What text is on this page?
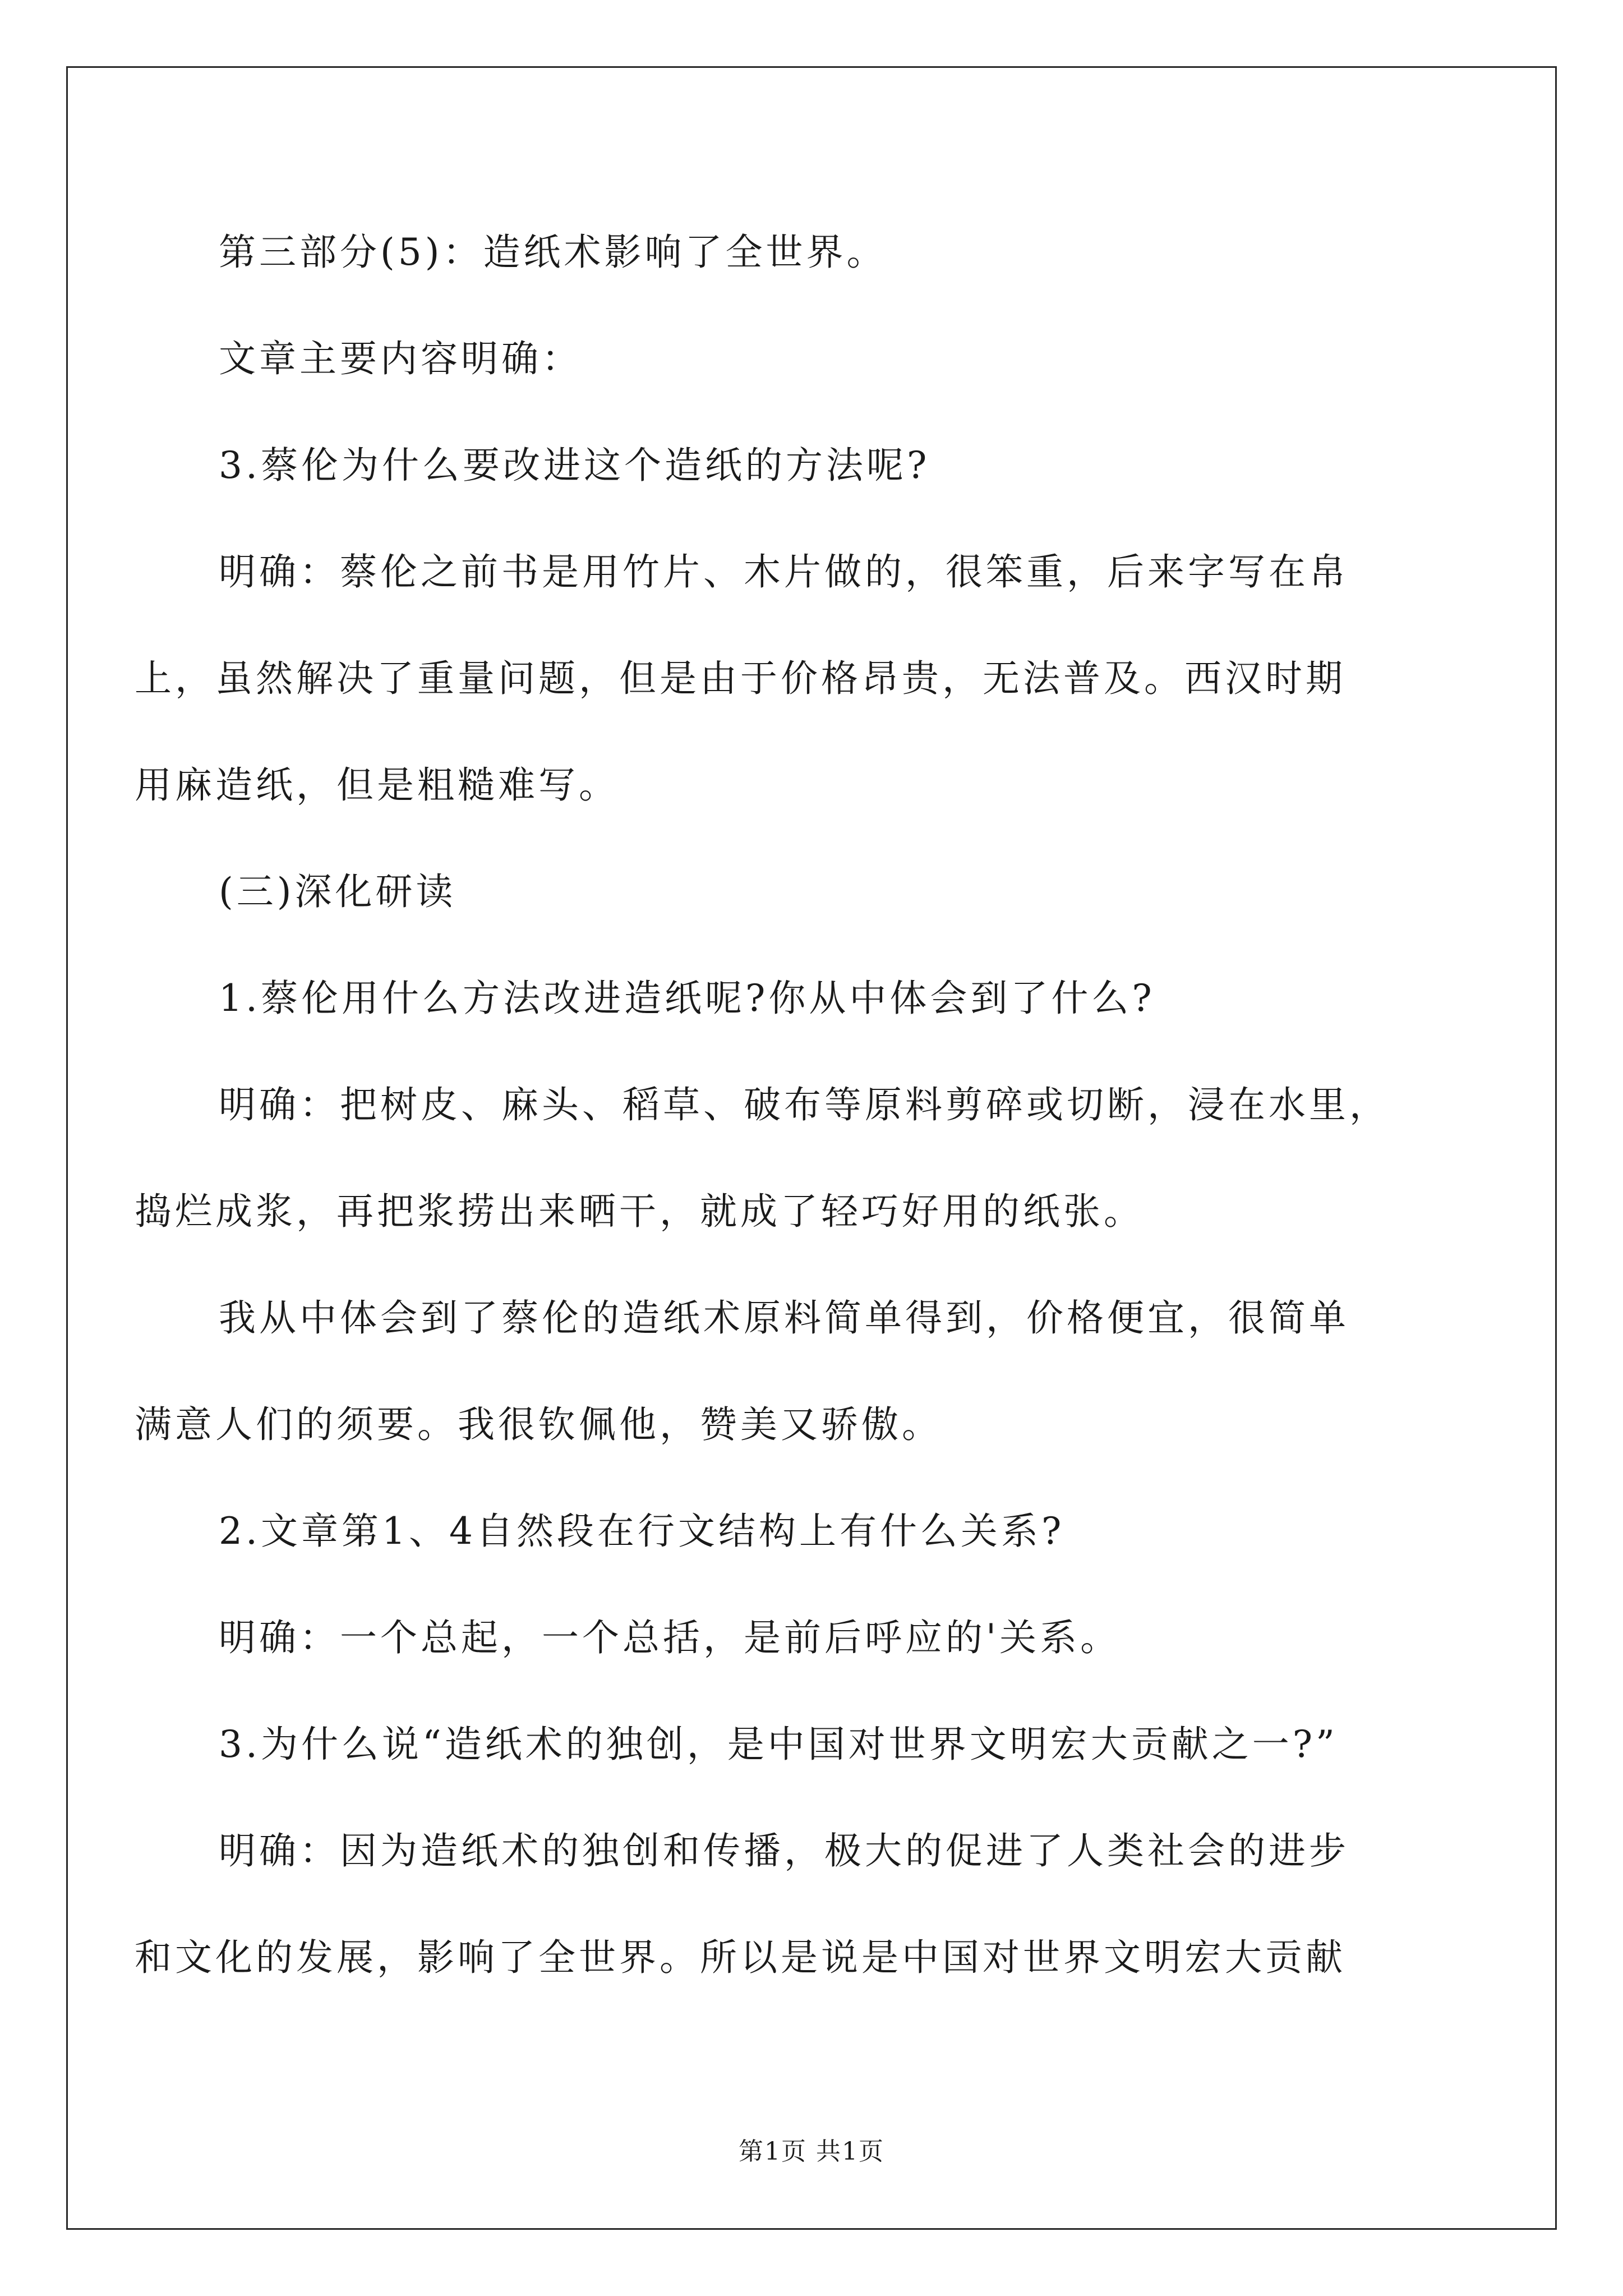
第三部分(5)：造纸术影响了全世界。
文章主要内容明确：
3.蔡伦为什么要改进这个造纸的方法呢?
明确：蔡伦之前书是用竹片、木片做的，很笨重，后来字写在帛
上，虽然解决了重量问题，但是由于价格昂贵，无法普及。西汉时期
用麻造纸，但是粗糙难写。
(三)深化研读
1.蔡伦用什么方法改进造纸呢?你从中体会到了什么?
明确：把树皮、麻头、稻草、破布等原料剪碎或切断，浸在水里，
捣烂成浆，再把浆捞出来晒干，就成了轻巧好用的纸张。
我从中体会到了蔡伦的造纸术原料简单得到，价格便宜，很简单
满意人们的须要。我很钦佩他，赞美又骄傲。
2.文章第1、4自然段在行文结构上有什么关系?
明确：一个总起，一个总括，是前后呼应的'关系。
3.为什么说“造纸术的独创，是中国对世界文明宏大贡献之一?”
明确：因为造纸术的独创和传播，极大的促进了人类社会的进步
和文化的发展，影响了全世界。所以是说是中国对世界文明宏大贡献
第1页 共1页
